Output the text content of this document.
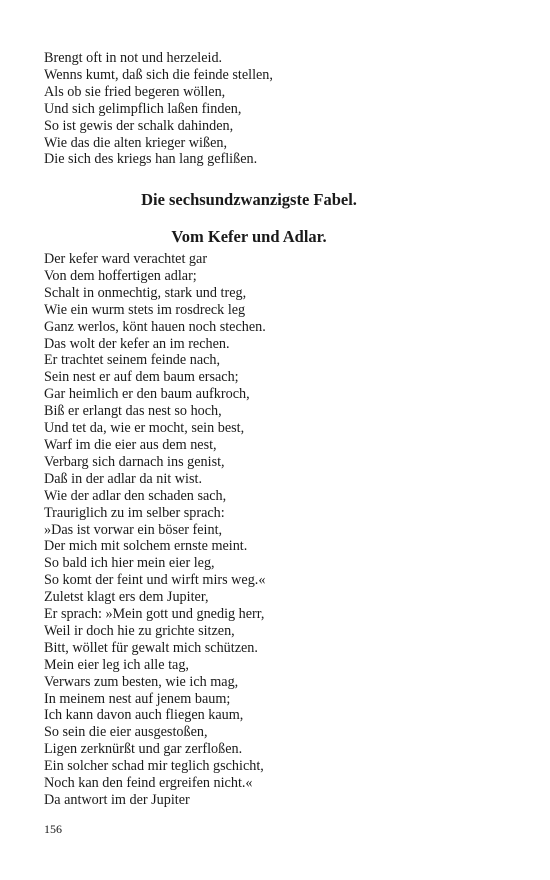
Brengt oft in not und herzeleid.
Wenns kumt, daß sich die feinde stellen,
Als ob sie fried begeren wöllen,
Und sich gelimpflich laßen finden,
So ist gewis der schalk dahinden,
Wie das die alten krieger wißen,
Die sich des kriegs han lang geflißen.
Die sechsundzwanzigste Fabel.
Vom Kefer und Adlar.
Der kefer ward verachtet gar
Von dem hoffertigen adlar;
Schalt in onmechtig, stark und treg,
Wie ein wurm stets im rosdreck leg
Ganz werlos, könt hauen noch stechen.
Das wolt der kefer an im rechen.
Er trachtet seinem feinde nach,
Sein nest er auf dem baum ersach;
Gar heimlich er den baum aufkroch,
Biß er erlangt das nest so hoch,
Und tet da, wie er mocht, sein best,
Warf im die eier aus dem nest,
Verbarg sich darnach ins genist,
Daß in der adlar da nit wist.
Wie der adlar den schaden sach,
Trauriglich zu im selber sprach:
»Das ist vorwar ein böser feint,
Der mich mit solchem ernste meint.
So bald ich hier mein eier leg,
So komt der feint und wirft mirs weg.«
Zuletst klagt ers dem Jupiter,
Er sprach: »Mein gott und gnedig herr,
Weil ir doch hie zu grichte sitzen,
Bitt, wöllet für gewalt mich schützen.
Mein eier leg ich alle tag,
Verwars zum besten, wie ich mag,
In meinem nest auf jenem baum;
Ich kann davon auch fliegen kaum,
So sein die eier ausgestoßen,
Ligen zerknürßt und gar zerfloßen.
Ein solcher schad mir teglich gschicht,
Noch kan den feind ergreifen nicht.«
Da antwort im der Jupiter
156
